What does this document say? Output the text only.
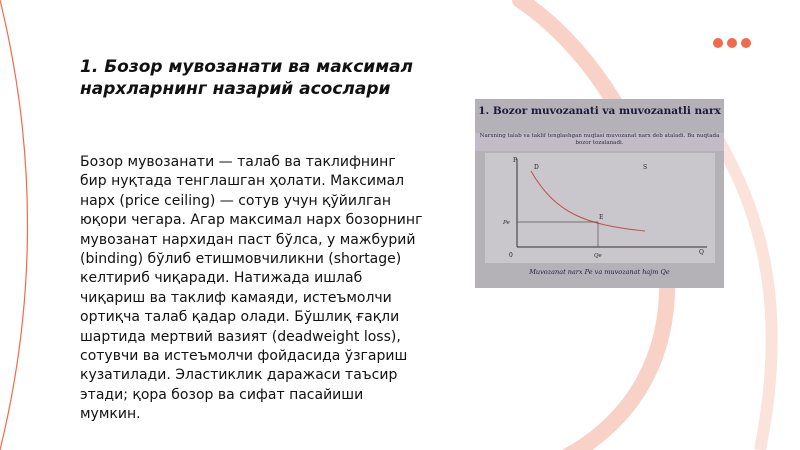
1. Бозор мувозанати ва максимал нархларнинг назарий асослари
Бозор мувозанати — талаб ва таклифнинг бир нуқтада тенглашган ҳолати. Максимал нарх (price ceiling) — сотув учун қўйилган юқори чегара. Агар максимал нарх бозорнинг мувозанат нархидан паст бўлса, у мажбурий (binding) бўлиб етишмовчиликни (shortage) келтириб чиқаради. Натижада ишлаб чиқариш ва таклиф камаяди, истеъмолчи ортиқча талаб қадар олади. Бўшлиқ ғақли шартида мертвий вазият (deadweight loss), сотувчи ва истеъмолчи фойдасида ўзгариш кузатилади. Эластиклик даражаси таъсир этади; қора бозор ва сифат пасайиши мумкин.
1. Bozor muvozanati va muvozanatli narx
Narxning talab va taklif tenglashgan nuqtasi muvozanat narx deb ataladi. Bu nuqtada bozor tozalanadi.
P
Q
0
D	S
E
Pe
Qe
Muvozanat narx Pe va muvozanat hajm Qe
